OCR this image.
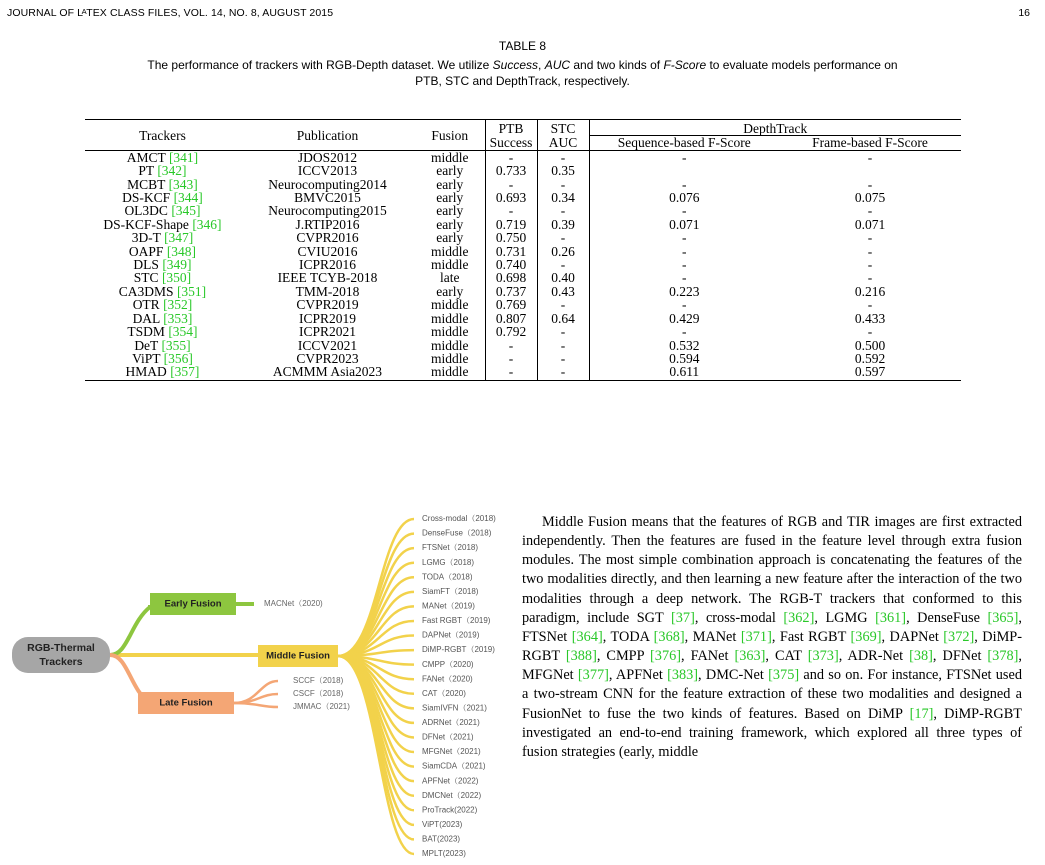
JOURNAL OF $L^ATEX$ CLASS FILES, VOL. 14, NO. 8, AUGUST 2015	16
TABLE 8
The performance of trackers with RGB-Depth dataset. We utilize Success, AUC and two kinds of F-Score to evaluate models performance on
PTB, STC and DepthTrack, respectively.
Trackers	Publication	Fusion	PTB	STC	DepthTrack	
			Success	AUC	Sequence-based F-Score	Frame-based F-Score
AMCT [341]	JDOS2012	middle	-	-	-	-
PT [342]	ICCV2013	early	0.733	0.35		
MCBT [343]	Neurocomputing2014	early	-	-	-	-
DS-KCF [344]	BMVC2015	early	0.693	0.34	0.076	0.075
OL3DC [345]	Neurocomputing2015	early	-	-	-	-
DS-KCF-Shape [346]	J.RTIP2016	early	0.719	0.39	0.071	0.071
3D-T [347]	CVPR2016	early	0.750	-	-	-
OAPF [348]	CVIU2016	middle	0.731	0.26	-	-
DLS [349]	ICPR2016	middle	0.740	-	-	-
STC [350]	IEEE TCYB-2018	late	0.698	0.40	-	-
CA3DMS [351]	TMM-2018	early	0.737	0.43	0.223	0.216
OTR [352]	CVPR2019	middle	0.769	-	-	-
DAL [353]	ICPR2019	middle	0.807	0.64	0.429	0.433
TSDM [354]	ICPR2021	middle	0.792	-	-	-
DeT [355]	ICCV2021	middle	-	-	0.532	0.500
ViPT [356]	CVPR2023	middle	-	-	0.594	0.592
HMAD [357]	ACMMM Asia2023	middle	-	-	0.611	0.597
RGB-Thermal
Trackers
Early Fusion	MACNet（2020)
Late Fusion
SCCF（2018)
CSCF（2018)
JMMAC（2021)
Middle Fusion
Cross-modal（2018)
DenseFuse（2018)
FTSNet（2018)
LGMG（2018)
TODA（2018)
SiamFT（2018)
MANet（2019)
Fast RGBT（2019)
DAPNet（2019)
DiMP-RGBT（2019)
CMPP（2020)
FANet（2020)
CAT（2020)
SiamIVFN（2021)
ADRNet（2021)
DFNet（2021)
MFGNet（2021)
SiamCDA（2021)
APFNet（2022)
DMCNet（2022)
ProTrack(2022)
ViPT(2023)
BAT(2023)
MPLT(2023)

Middle Fusion means that the features of RGB and TIR images are first extracted independently. Then the features are fused in the feature level through extra fusion modules. The most simple combination approach is concatenating the features of the two modalities directly, and then learning a new feature after the interaction of the two modalities through a deep network. The RGB-T trackers that conformed to this paradigm, include SGT [37], cross-modal [362], LGMG [361], DenseFuse [365], FTSNet [364], TODA [368], MANet [371], Fast RGBT [369], DAPNet [372], DiMP-RGBT [388], CMPP [376], FANet [363], CAT [373], ADR-Net [38], DFNet [378], MFGNet [377], APFNet [383], DMC-Net [375] and so on. For instance, FTSNet used a two-stream CNN for the feature extraction of these two modalities and designed a FusionNet to fuse the two kinds of features. Based on DiMP [17], DiMP-RGBT investigated an end-to-end training framework, which explored all three types of fusion strategies (early, middle
